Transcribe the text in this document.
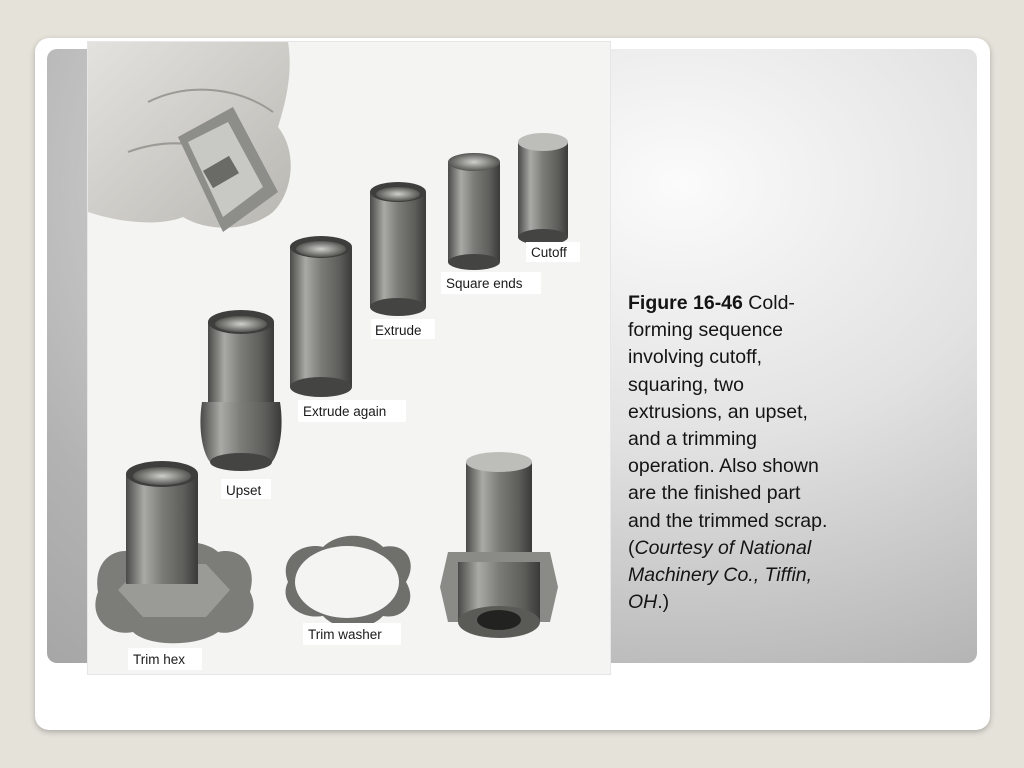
Cutoff
Square ends
Extrude
Extrude again
Upset
Trim hex
Trim washer
Figure 16-46 Cold-forming sequence involving cutoff, squaring, two extrusions, an upset, and a trimming operation. Also shown are the finished part and the trimmed scrap. (Courtesy of National Machinery Co., Tiffin, OH.)
